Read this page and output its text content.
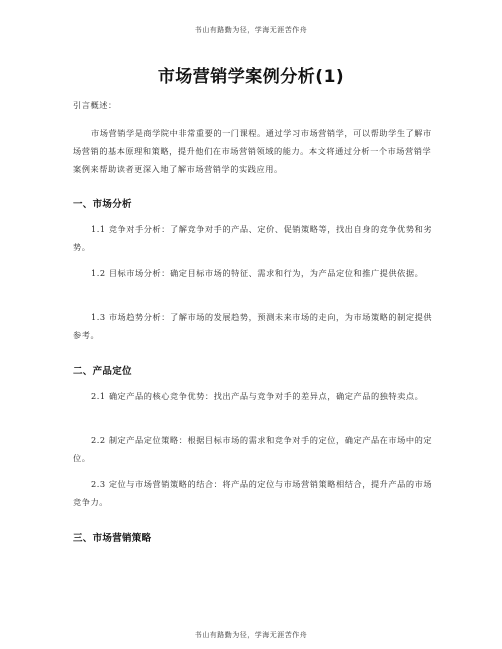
书山有路勤为径，学海无涯苦作舟
市场营销学案例分析(1)
引言概述：
市场营销学是商学院中非常重要的一门课程。通过学习市场营销学，可以帮助学生了解市场营销的基本原理和策略，提升他们在市场营销领域的能力。本文将通过分析一个市场营销学案例来帮助读者更深入地了解市场营销学的实践应用。
一、市场分析
1.1 竞争对手分析：了解竞争对手的产品、定价、促销策略等，找出自身的竞争优势和劣势。
1.2 目标市场分析：确定目标市场的特征、需求和行为，为产品定位和推广提供依据。
1.3 市场趋势分析：了解市场的发展趋势，预测未来市场的走向，为市场策略的制定提供参考。
二、产品定位
2.1 确定产品的核心竞争优势：找出产品与竞争对手的差异点，确定产品的独特卖点。
2.2 制定产品定位策略：根据目标市场的需求和竞争对手的定位，确定产品在市场中的定位。
2.3 定位与市场营销策略的结合：将产品的定位与市场营销策略相结合，提升产品的市场竞争力。
三、市场营销策略
书山有路勤为径，学海无涯苦作舟
